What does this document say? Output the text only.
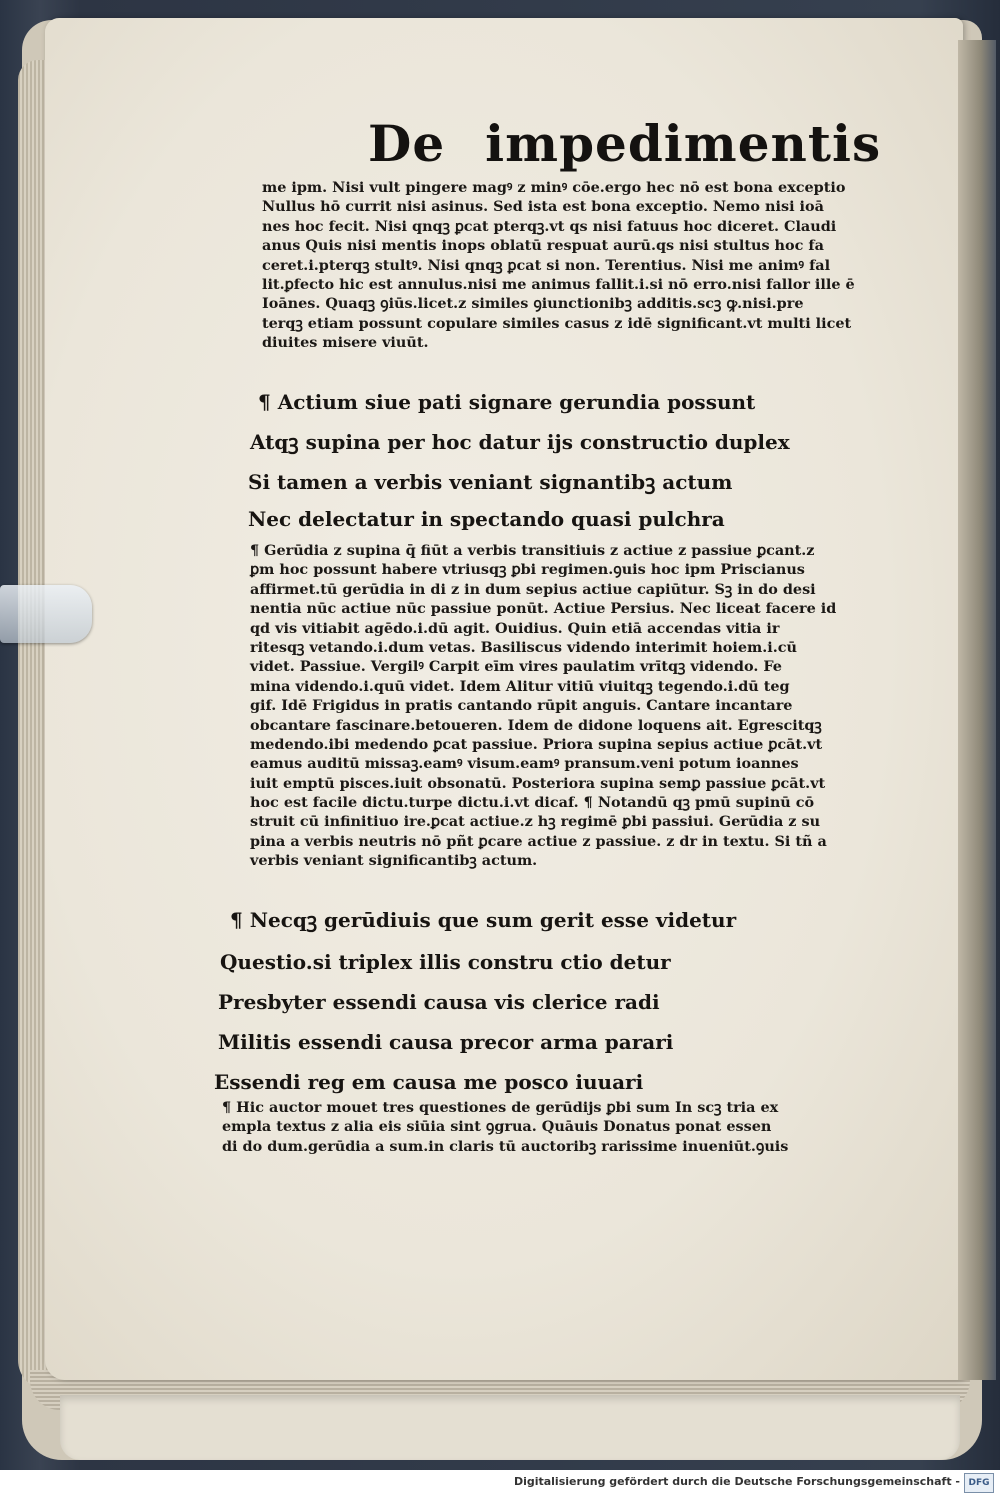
De impedimentis
me ipm. Nisi vult pingere magꝰ z minꝰ cōe.ergo hec nō est bona exceptio
Nullus hō currit nisi asinus. Sed ista est bona exceptio. Nemo nisi ioā
nes hoc fecit. Nisi qnqꝫ ꝑcat pterqꝫ.vt qs nisi fatuus hoc diceret. Claudi
anus Quis nisi mentis inops oblatū respuat aurū.qs nisi stultus hoc fa
ceret.i.pterqꝫ stultꝰ. Nisi qnqꝫ ꝑcat si non. Terentius. Nisi me animꝰ fal
lit.ꝑfecto hic est annulus.nisi me animus fallit.i.si nō erro.nisi fallor ille ē
Ioānes. Quaqꝫ ꝯiūs.licet.z similes ꝯiunctionibꝫ additis.scꝫ ꝙ.nisi.pre
terqꝫ etiam possunt copulare similes casus z idē significant.vt multi licet
diuites misere viuūt.
¶ Actium siue pati signare gerundia possunt
Atqꝫ supina per hoc datur ijs constructio duplex
Si tamen a verbis veniant signantibꝫ actum
Nec delectatur in spectando quasi pulchra
¶ Gerūdia z supina q̄ fiūt a verbis transitiuis z actiue z passiue ꝑcant.z
ꝑm hoc possunt habere vtriusqꝫ ꝑbi regimen.ꝯuis hoc ipm Priscianus
affirmet.tū gerūdia in di z in dum sepius actiue capiūtur. Sꝫ in do desi
nentia nūc actiue nūc passiue ponūt. Actiue Persius. Nec liceat facere id
qd vis vitiabit agēdo.i.dū agit. Ouidius. Quin etiā accendas vitia ir
ritesqꝫ vetando.i.dum vetas. Basiliscus videndo interimit hoiem.i.cū
videt. Passiue. Vergilꝰ Carpit eīm vires paulatim vrītqꝫ videndo. Fe
mina videndo.i.quū videt. Idem Alitur vitiū viuitqꝫ tegendo.i.dū teg
gif. Idē Frigidus in pratis cantando rūpit anguis. Cantare incantare
obcantare fascinare.betoueren. Idem de didone loquens ait. Egrescitqꝫ
medendo.ibi medendo ꝑcat passiue. Priora supina sepius actiue ꝑcāt.vt
eamus auditū missaꝫ.eamꝰ visum.eamꝰ pransum.veni potum ioannes
iuit emptū pisces.iuit obsonatū. Posteriora supina semꝑ passiue ꝑcāt.vt
hoc est facile dictu.turpe dictu.i.vt dicaf. ¶ Notandū qꝫ pmū supinū cō
struit cū infinitiuo ire.ꝑcat actiue.z hꝫ regimē ꝑbi passiui. Gerūdia z su
pina a verbis neutris nō pñt ꝑcare actiue z passiue. z dr in textu. Si tñ a
verbis veniant significantibꝫ actum.
¶ Necqꝫ gerūdiuis que sum gerit esse videtur
Questio.si triplex illis constru ctio detur
Presbyter essendi causa vis clerice radi
Militis essendi causa precor arma parari
Essendi reg em causa me posco iuuari
¶ Hic auctor mouet tres questiones de gerūdijs ꝑbi sum In scꝫ tria ex
empla textus z alia eis siūia sint ꝯgrua. Quāuis Donatus ponat essen
di do dum.gerūdia a sum.in claris tū auctoribꝫ rarissime inueniūt.ꝯuis
Digitalisierung gefördert durch die Deutsche Forschungsgemeinschaft - DFG
